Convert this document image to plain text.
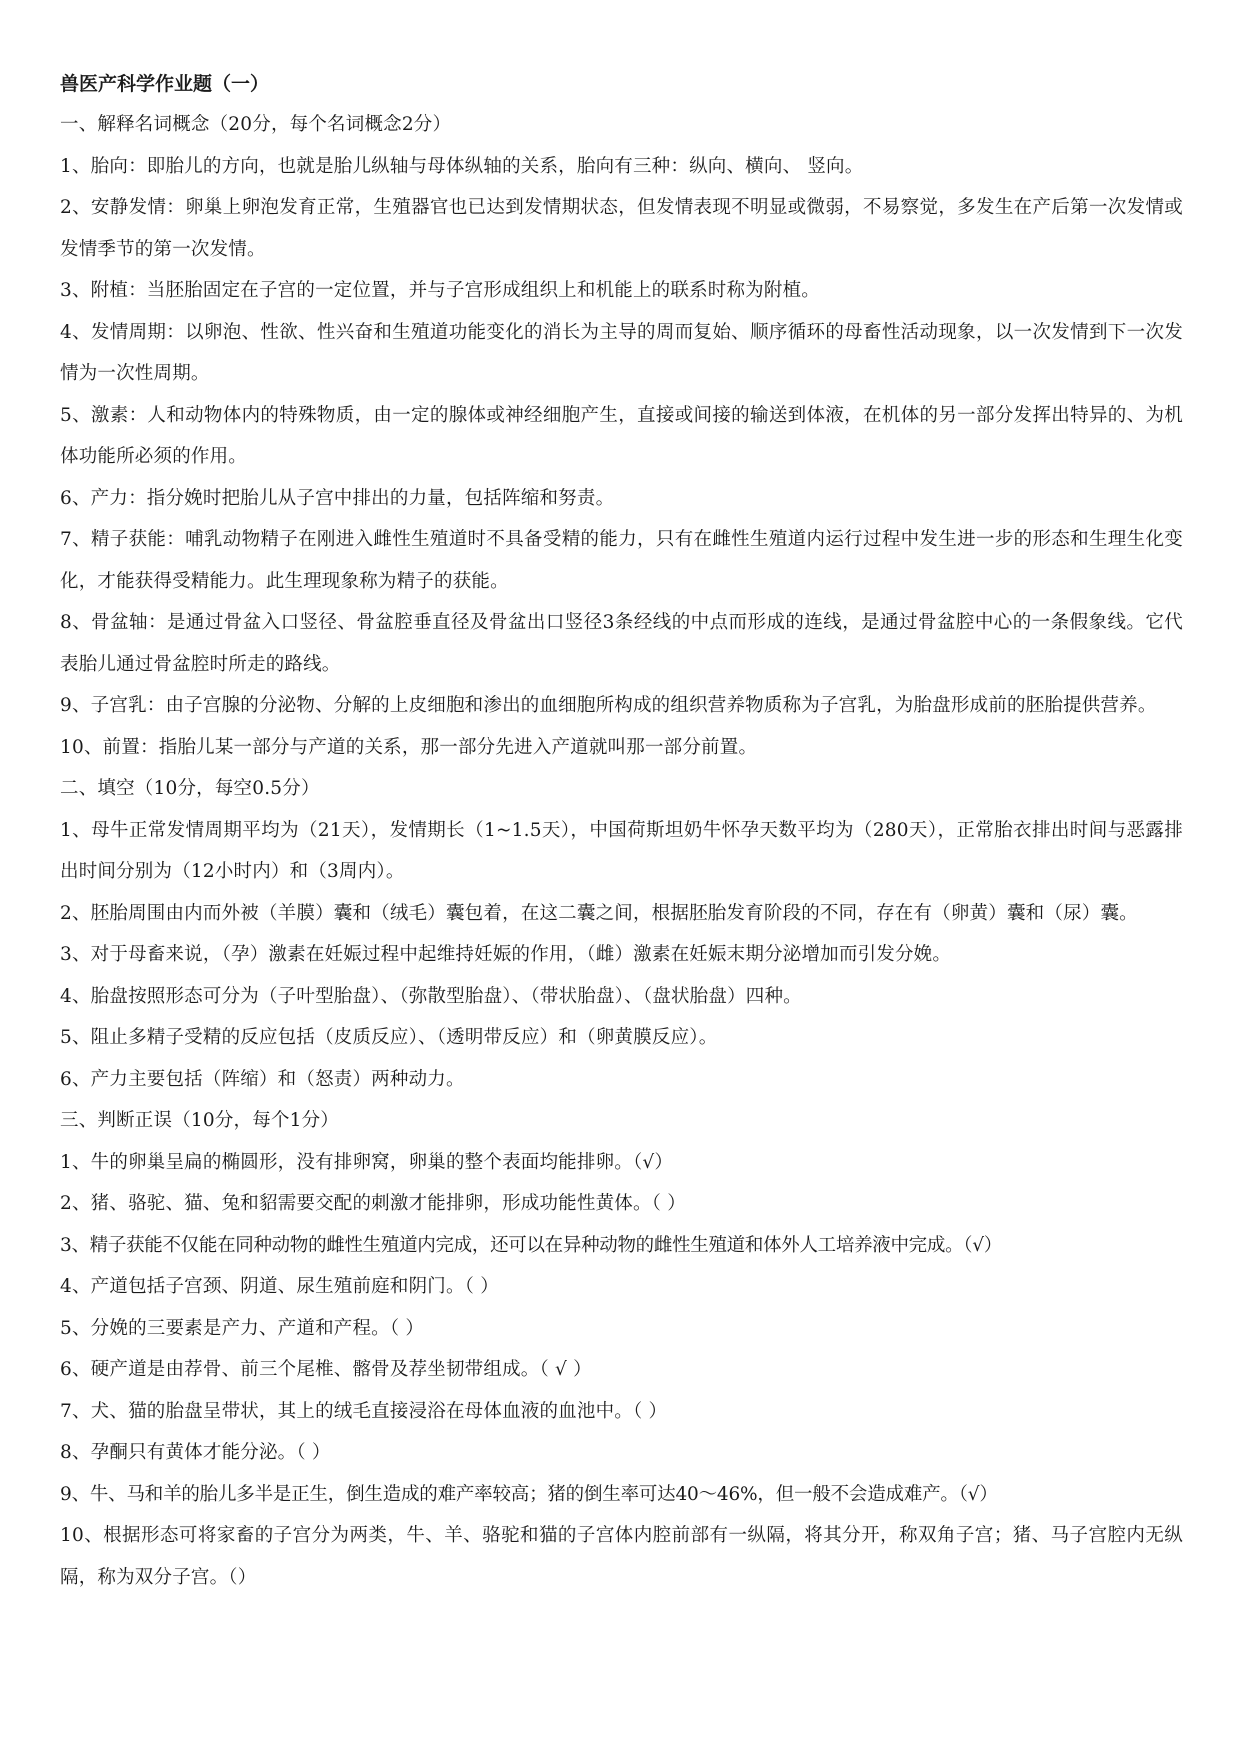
兽医产科学作业题（一）

一、解释名词概念（20分，每个名词概念2分）

1、胎向：即胎儿的方向，也就是胎儿纵轴与母体纵轴的关系，胎向有三种：纵向、横向、 竖向。

2、安静发情：卵巢上卵泡发育正常，生殖器官也已达到发情期状态，但发情表现不明显或微弱，不易察觉，多发生在产后第一次发情或发情季节的第一次发情。

3、附植：当胚胎固定在子宫的一定位置，并与子宫形成组织上和机能上的联系时称为附植。

4、发情周期：以卵泡、性欲、性兴奋和生殖道功能变化的消长为主导的周而复始、顺序循环的母畜性活动现象，以一次发情到下一次发情为一次性周期。

5、激素：人和动物体内的特殊物质，由一定的腺体或神经细胞产生，直接或间接的输送到体液，在机体的另一部分发挥出特异的、为机体功能所必须的作用。

6、产力：指分娩时把胎儿从子宫中排出的力量，包括阵缩和努责。

7、精子获能：哺乳动物精子在刚进入雌性生殖道时不具备受精的能力，只有在雌性生殖道内运行过程中发生进一步的形态和生理生化变化，才能获得受精能力。此生理现象称为精子的获能。

8、骨盆轴：是通过骨盆入口竖径、骨盆腔垂直径及骨盆出口竖径3条经线的中点而形成的连线，是通过骨盆腔中心的一条假象线。它代表胎儿通过骨盆腔时所走的路线。

9、子宫乳：由子宫腺的分泌物、分解的上皮细胞和渗出的血细胞所构成的组织营养物质称为子宫乳，为胎盘形成前的胚胎提供营养。

10、前置：指胎儿某一部分与产道的关系，那一部分先进入产道就叫那一部分前置。

二、填空（10分，每空0.5分）

1、母牛正常发情周期平均为（21天），发情期长（1~1.5天），中国荷斯坦奶牛怀孕天数平均为（280天），正常胎衣排出时间与恶露排出时间分别为（12小时内）和（3周内）。

2、胚胎周围由内而外被（羊膜）囊和（绒毛）囊包着，在这二囊之间，根据胚胎发育阶段的不同，存在有（卵黄）囊和（尿）囊。

3、对于母畜来说，（孕）激素在妊娠过程中起维持妊娠的作用，（雌）激素在妊娠末期分泌增加而引发分娩。

4、胎盘按照形态可分为（子叶型胎盘）、（弥散型胎盘）、（带状胎盘）、（盘状胎盘）四种。

5、阻止多精子受精的反应包括（皮质反应）、（透明带反应）和（卵黄膜反应）。

6、产力主要包括（阵缩）和（怒责）两种动力。

三、判断正误（10分，每个1分）

1、牛的卵巢呈扁的椭圆形，没有排卵窝，卵巢的整个表面均能排卵。（√）

2、猪、骆驼、猫、兔和貂需要交配的刺激才能排卵，形成功能性黄体。（ ）

3、精子获能不仅能在同种动物的雌性生殖道内完成，还可以在异种动物的雌性生殖道和体外人工培养液中完成。（√）

4、产道包括子宫颈、阴道、尿生殖前庭和阴门。（ ）

5、分娩的三要素是产力、产道和产程。（ ）

6、硬产道是由荐骨、前三个尾椎、髂骨及荐坐韧带组成。（ √ ）

7、犬、猫的胎盘呈带状，其上的绒毛直接浸浴在母体血液的血池中。（ ）

8、孕酮只有黄体才能分泌。（ ）

9、牛、马和羊的胎儿多半是正生，倒生造成的难产率较高；猪的倒生率可达40～46%，但一般不会造成难产。（√）

10、根据形态可将家畜的子宫分为两类，牛、羊、骆驼和猫的子宫体内腔前部有一纵隔，将其分开，称双角子宫；猪、马子宫腔内无纵隔，称为双分子宫。（）
